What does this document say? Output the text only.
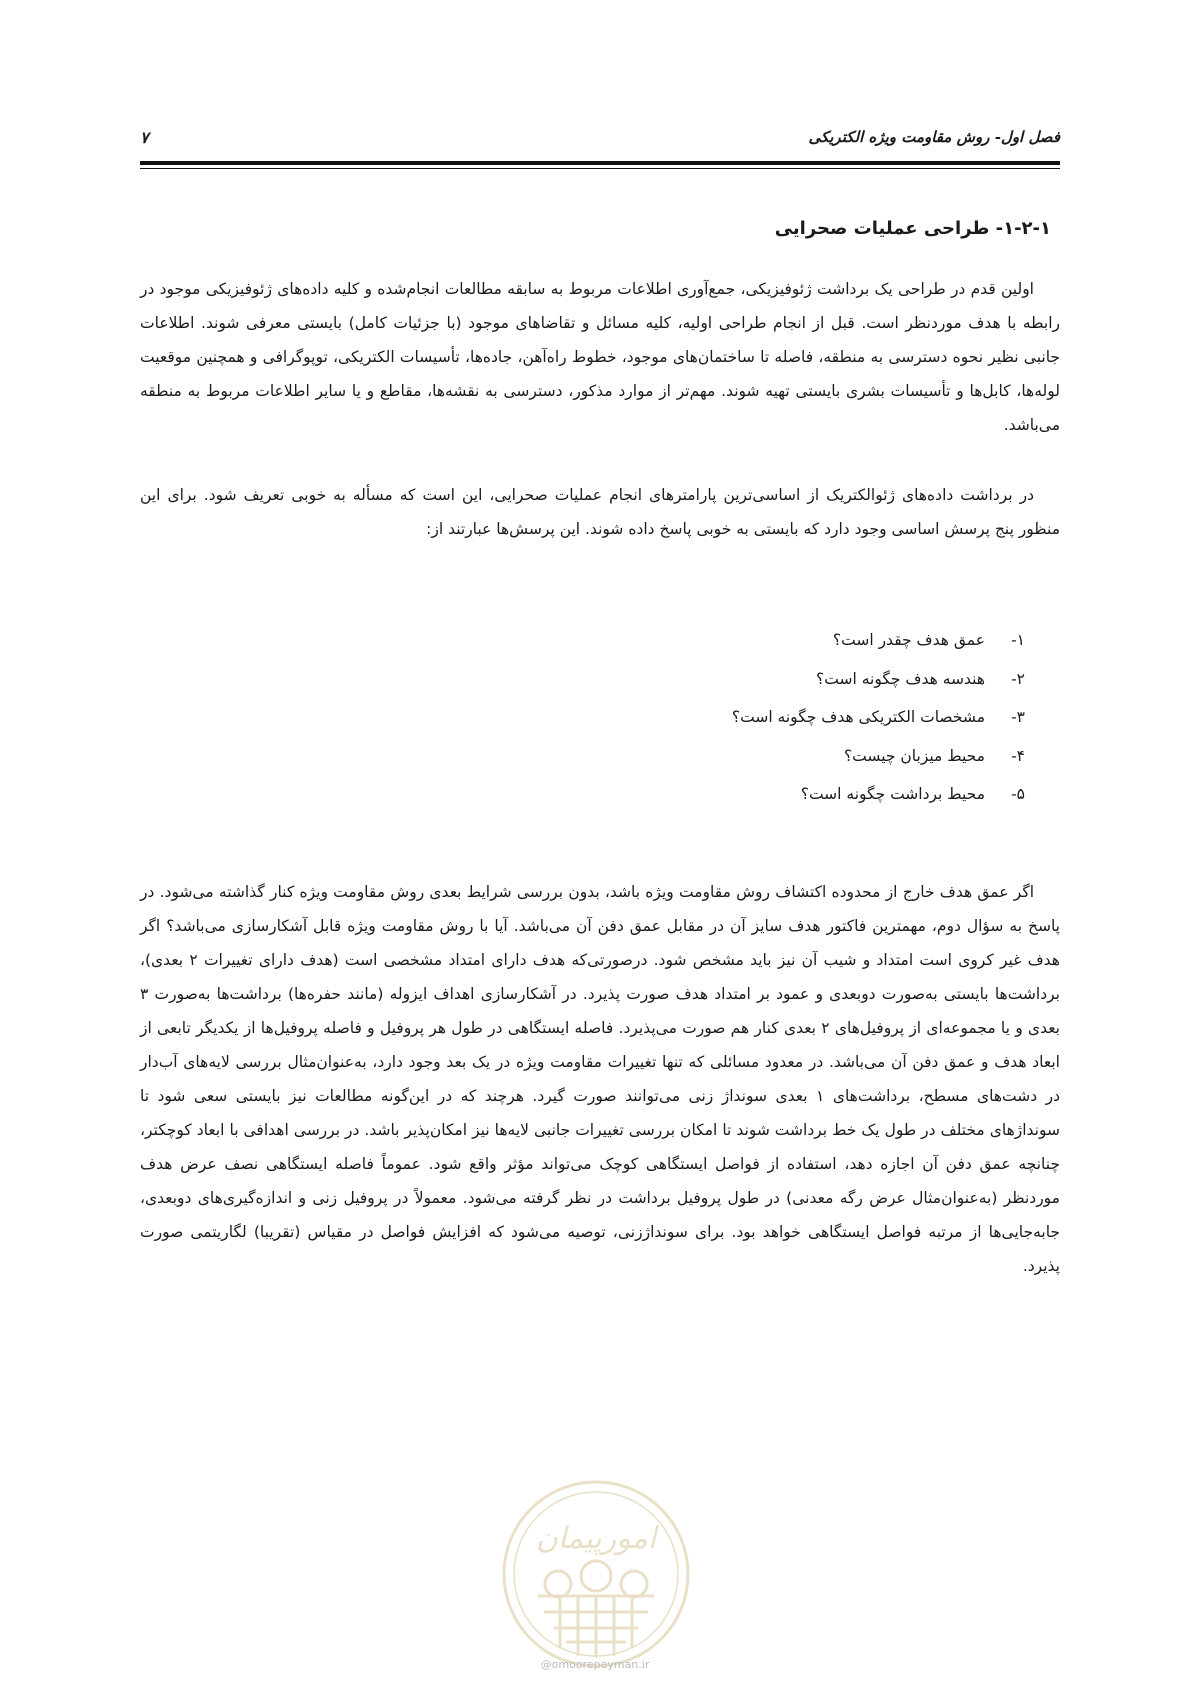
فصل اول- روش مقاومت ویژه الکتریکی
۷
۱-۲-۱- طراحی عملیات صحرایی

اولین قدم در طراحی یک برداشت ژئوفیزیکی، جمع‌آوری اطلاعات مربوط به سابقه مطالعات انجام‌شده و کلیه داده‌های ژئوفیزیکی موجود در رابطه با هدف موردنظر است. قبل از انجام طراحی اولیه، کلیه مسائل و تقاضاهای موجود (با جزئیات کامل) بایستی معرفی شوند. اطلاعات جانبی نظیر نحوه دسترسی به منطقه، فاصله تا ساختمان‌های موجود، خطوط راه‌آهن، جاده‌ها، تأسیسات الکتریکی، توپوگرافی و همچنین موقعیت لوله‌ها، کابل‌ها و تأسیسات بشری بایستی تهیه شوند. مهم‌تر از موارد مذکور، دسترسی به نقشه‌ها، مقاطع و یا سایر اطلاعات مربوط به منطقه می‌باشد.

در برداشت داده‌های ژئوالکتریک از اساسی‌ترین پارامترهای انجام عملیات صحرایی، این است که مسأله به خوبی تعریف شود. برای این منظور پنج پرسش اساسی وجود دارد که بایستی به خوبی پاسخ داده شوند. این پرسش‌ها عبارتند از:

۱-عمق هدف چقدر است؟
۲-هندسه هدف چگونه است؟
۳-مشخصات الکتریکی هدف چگونه است؟
۴-محیط میزبان چیست؟
۵-محیط برداشت چگونه است؟

اگر عمق هدف خارج از محدوده اکتشاف روش مقاومت ویژه باشد، بدون بررسی شرایط بعدی روش مقاومت ویژه کنار گذاشته می‌شود. در پاسخ به سؤال دوم، مهمترین فاکتور هدف سایز آن در مقابل عمق دفن آن می‌باشد. آیا با روش مقاومت ویژه قابل آشکارسازی می‌باشد؟ اگر هدف غیر کروی است امتداد و شیب آن نیز باید مشخص شود. درصورتی‌که هدف دارای امتداد مشخصی است (هدف دارای تغییرات ۲ بعدی)، برداشت‌ها بایستی به‌صورت دوبعدی و عمود بر امتداد هدف صورت پذیرد. در آشکارسازی اهداف ایزوله (مانند حفره‌ها) برداشت‌ها به‌صورت ۳ بعدی و یا مجموعه‌ای از پروفیل‌های ۲ بعدی کنار هم صورت می‌پذیرد. فاصله ایستگاهی در طول هر پروفیل و فاصله پروفیل‌ها از یکدیگر تابعی از ابعاد هدف و عمق دفن آن می‌باشد. در معدود مسائلی که تنها تغییرات مقاومت ویژه در یک بعد وجود دارد، به‌عنوان‌مثال بررسی لایه‌های آب‌دار در دشت‌های مسطح، برداشت‌های ۱ بعدی سونداژ زنی می‌توانند صورت گیرد. هرچند که در این‌گونه مطالعات نیز بایستی سعی شود تا سونداژهای مختلف در طول یک خط برداشت شوند تا امکان بررسی تغییرات جانبی لایه‌ها نیز امکان‌پذیر باشد. در بررسی اهدافی با ابعاد کوچکتر، چنانچه عمق دفن آن اجازه دهد، استفاده از فواصل ایستگاهی کوچک می‌تواند مؤثر واقع شود. عموماً فاصله ایستگاهی نصف عرض هدف موردنظر (به‌عنوان‌مثال عرض رگه معدنی) در طول پروفیل برداشت در نظر گرفته می‌شود. معمولاً در پروفیل زنی و اندازه‌گیری‌های دوبعدی، جابه‌جایی‌ها از مرتبه فواصل ایستگاهی خواهد بود. برای سونداژزنی، توصیه می‌شود که افزایش فواصل در مقیاس (تقریبا) لگاریتمی صورت پذیرد.

امورپیمان
@omoorepeyman.ir
